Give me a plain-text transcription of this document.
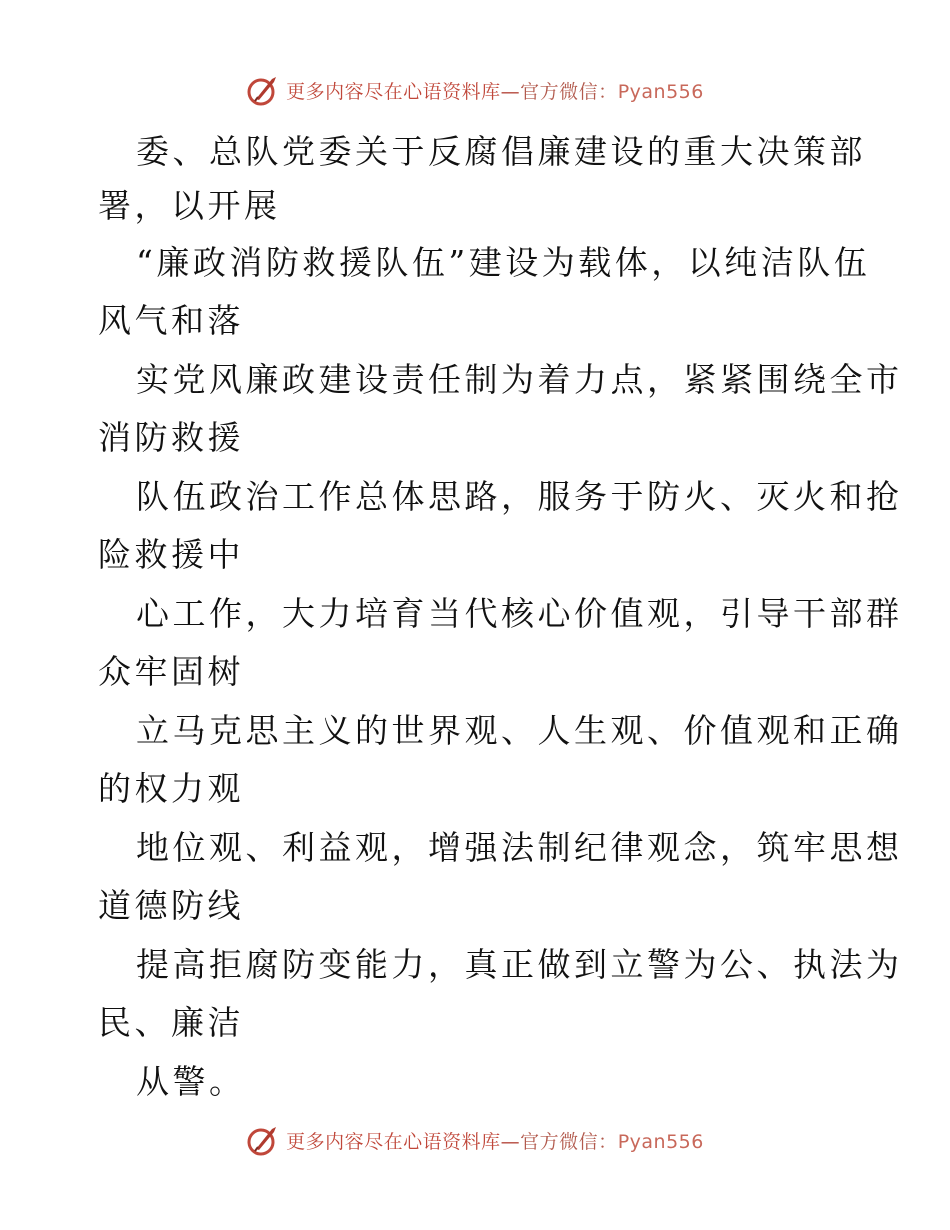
更多内容尽在心语资料库—官方微信：Pyan556
委、总队党委关于反腐倡廉建设的重大决策部
署，以开展
“廉政消防救援队伍”建设为载体，以纯洁队伍
风气和落
实党风廉政建设责任制为着力点，紧紧围绕全市
消防救援
队伍政治工作总体思路，服务于防火、灭火和抢
险救援中
心工作，大力培育当代核心价值观，引导干部群
众牢固树
立马克思主义的世界观、人生观、价值观和正确
的权力观
地位观、利益观，增强法制纪律观念，筑牢思想
道德防线
提高拒腐防变能力，真正做到立警为公、执法为
民、廉洁
从警。
更多内容尽在心语资料库—官方微信：Pyan556
